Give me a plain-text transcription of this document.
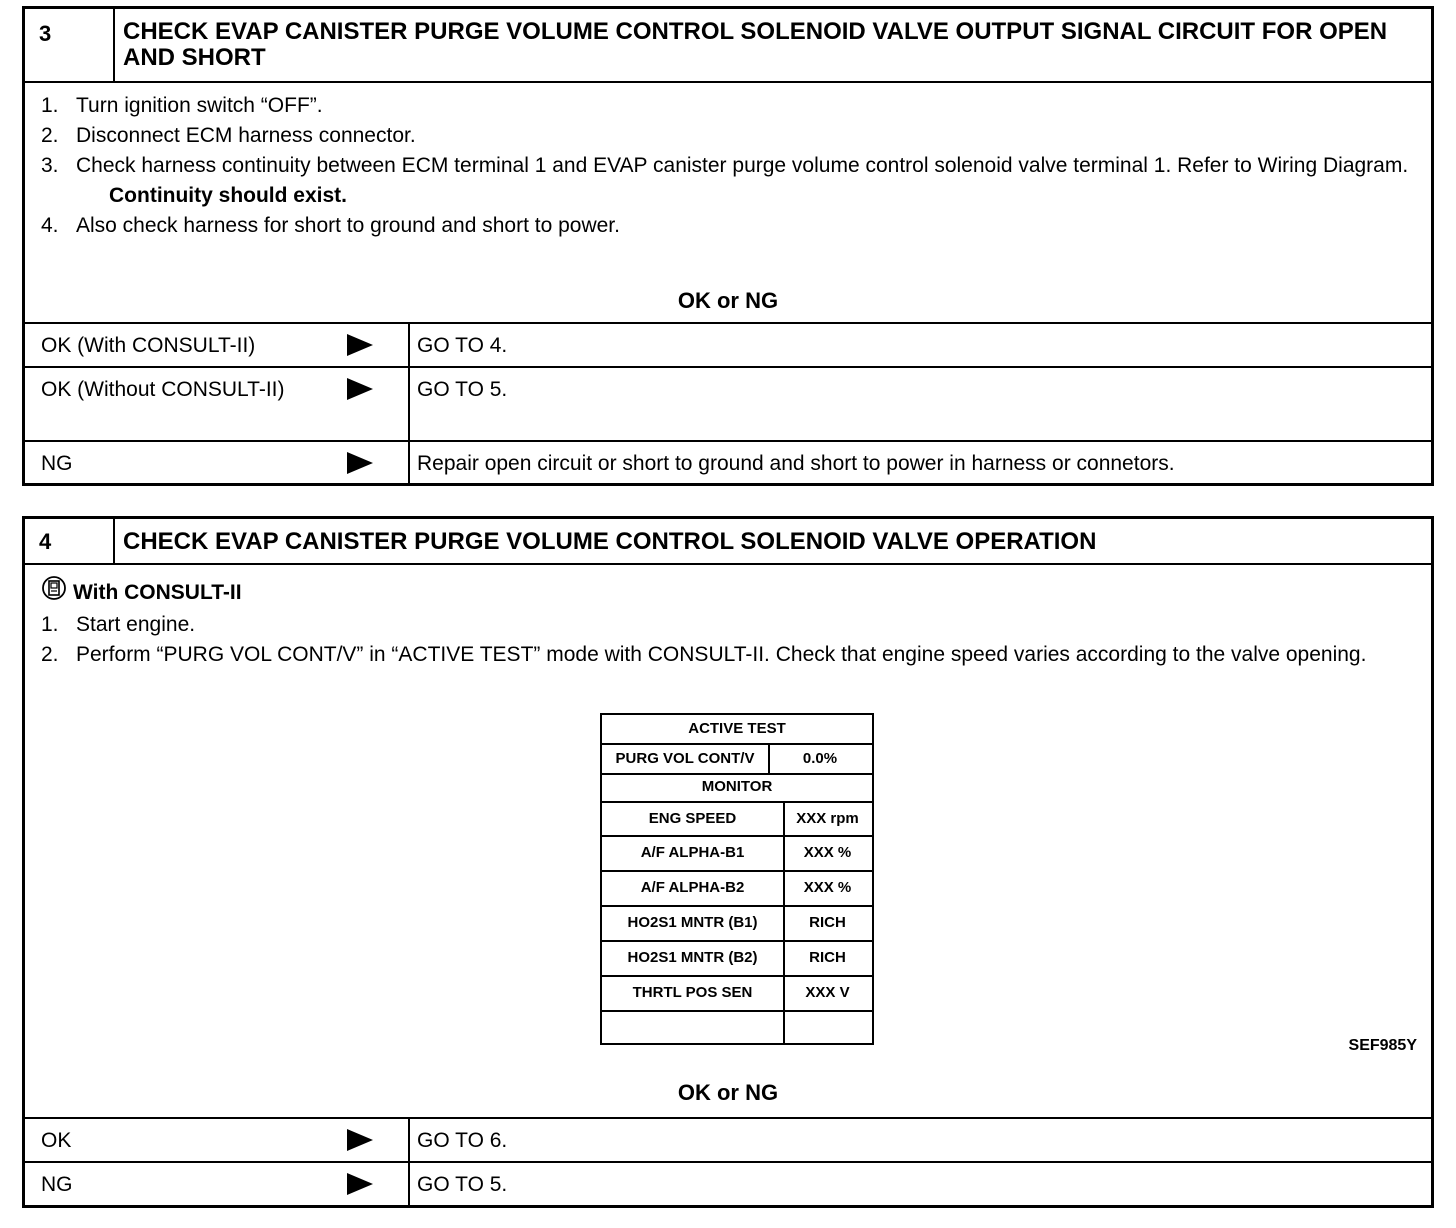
3	CHECK EVAP CANISTER PURGE VOLUME CONTROL SOLENOID VALVE OUTPUT SIGNAL CIRCUIT FOR OPEN AND SHORT
1. Turn ignition switch “OFF”.
2. Disconnect ECM harness connector.
3. Check harness continuity between ECM terminal 1 and EVAP canister purge volume control solenoid valve terminal 1. Refer to Wiring Diagram.
Continuity should exist.
4. Also check harness for short to ground and short to power.
OK or NG
OK (With CONSULT-II)	GO TO 4.
OK (Without CONSULT-II)	GO TO 5.
NG	Repair open circuit or short to ground and short to power in harness or connetors.
4	CHECK EVAP CANISTER PURGE VOLUME CONTROL SOLENOID VALVE OPERATION
With CONSULT-II
1. Start engine.
2. Perform “PURG VOL CONT/V” in “ACTIVE TEST” mode with CONSULT-II. Check that engine speed varies according to the valve opening.
ACTIVE TEST
PURG VOL CONT/V	0.0%
MONITOR
ENG SPEED	XXX rpm
A/F ALPHA-B1	XXX %
A/F ALPHA-B2	XXX %
HO2S1 MNTR (B1)	RICH
HO2S1 MNTR (B2)	RICH
THRTL POS SEN	XXX V
SEF985Y
OK or NG
OK	GO TO 6.
NG	GO TO 5.
